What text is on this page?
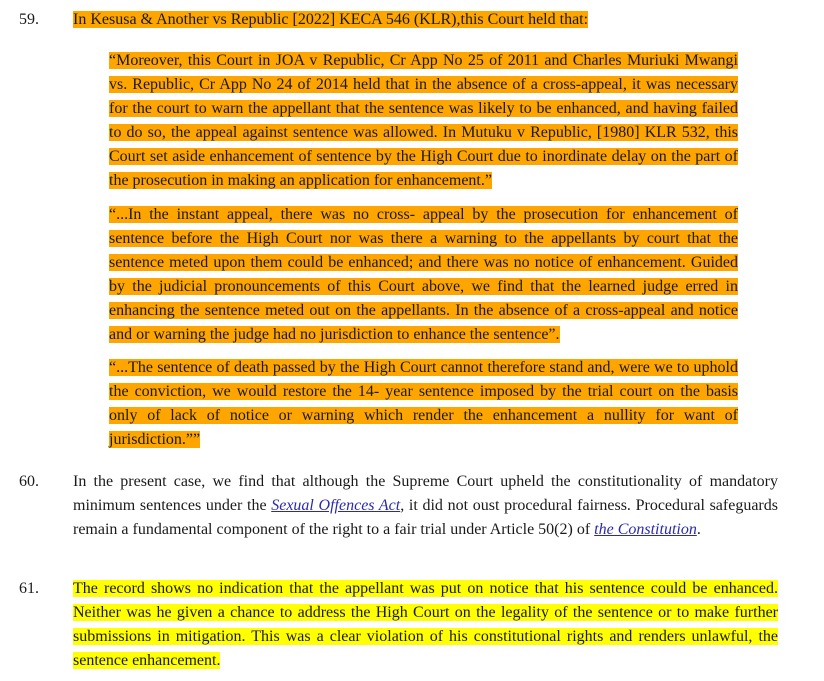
59. In Kesusa & Another vs Republic [2022] KECA 546 (KLR),this Court held that:
“Moreover, this Court in JOA v Republic, Cr App No 25 of 2011 and Charles Muriuki Mwangi vs. Republic, Cr App No 24 of 2014 held that in the absence of a cross-appeal, it was necessary for the court to warn the appellant that the sentence was likely to be enhanced, and having failed to do so, the appeal against sentence was allowed. In Mutuku v Republic, [1980] KLR 532, this Court set aside enhancement of sentence by the High Court due to inordinate delay on the part of the prosecution in making an application for enhancement.”
“...In the instant appeal, there was no cross- appeal by the prosecution for enhancement of sentence before the High Court nor was there a warning to the appellants by court that the sentence meted upon them could be enhanced; and there was no notice of enhancement. Guided by the judicial pronouncements of this Court above, we find that the learned judge erred in enhancing the sentence meted out on the appellants. In the absence of a cross-appeal and notice and or warning the judge had no jurisdiction to enhance the sentence”.
“...The sentence of death passed by the High Court cannot therefore stand and, were we to uphold the conviction, we would restore the 14- year sentence imposed by the trial court on the basis only of lack of notice or warning which render the enhancement a nullity for want of jurisdiction.””
60. In the present case, we find that although the Supreme Court upheld the constitutionality of mandatory minimum sentences under the Sexual Offences Act, it did not oust procedural fairness. Procedural safeguards remain a fundamental component of the right to a fair trial under Article 50(2) of the Constitution.
61. The record shows no indication that the appellant was put on notice that his sentence could be enhanced. Neither was he given a chance to address the High Court on the legality of the sentence or to make further submissions in mitigation. This was a clear violation of his constitutional rights and renders unlawful, the sentence enhancement.
